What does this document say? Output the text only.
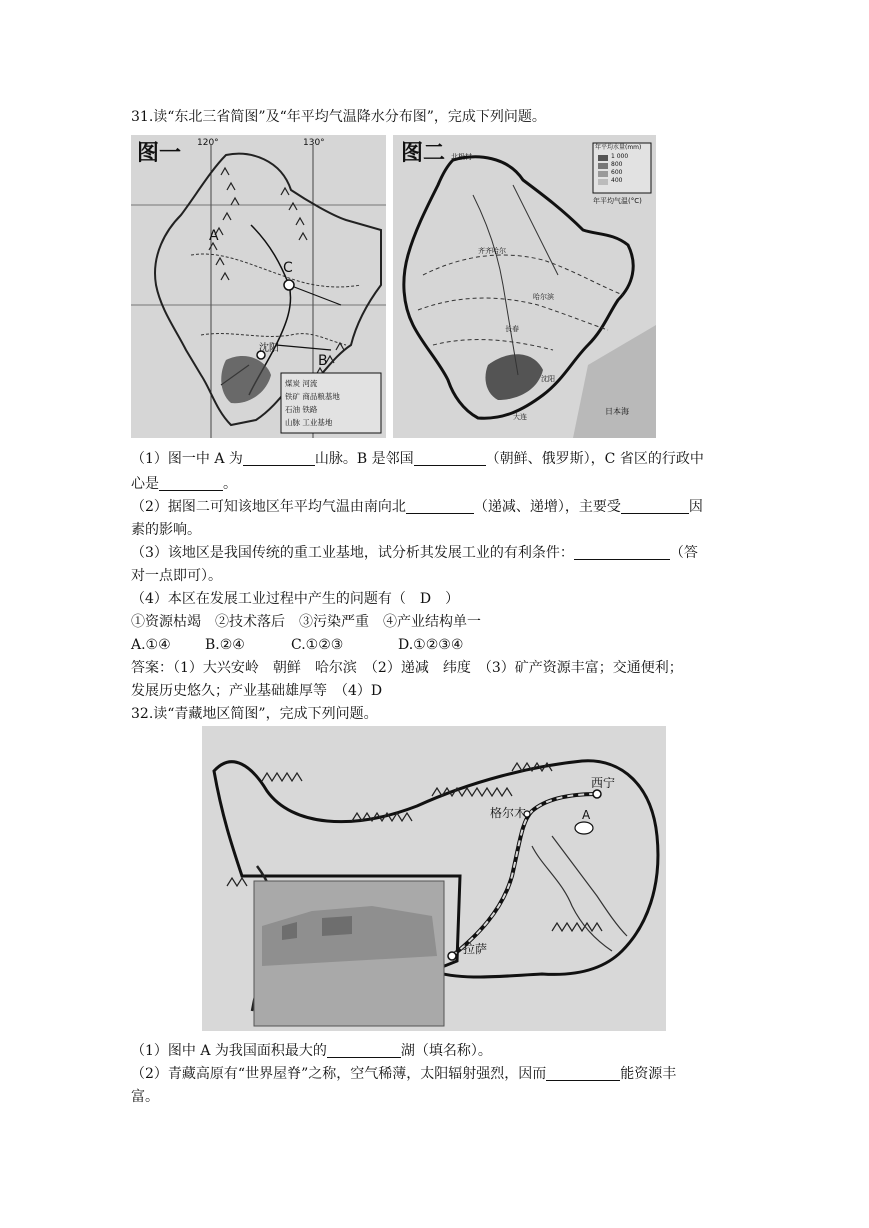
31.读“东北三省简图”及“年平均气温降水分布图”，完成下列问题。
图一 120°	130°
A
C
B
沈阳
煤炭 河流
铁矿 商品粮基地
石油 铁路
山脉 工业基地
图二	年平均水量(mm)
1 000
800
600
400
年平均气温(°C)
北极村
齐齐哈尔
哈尔滨
长春
沈阳
大连
日本海
（1）图一中 A 为	山脉。B 是邻国	（朝鲜、俄罗斯），C 省区的行政中
心是	。
（2）据图二可知该地区年平均气温由南向北	（递减、递增），主要受	因
素的影响。
（3）该地区是我国传统的重工业基地，试分析其发展工业的有利条件：	（答
对一点即可）。
（4）本区在发展工业过程中产生的问题有（　D　）
①资源枯竭　②技术落后　③污染严重　④产业结构单一
A.①④ B.②④	C.①②③	D.①②③④
答案：（1）大兴安岭　朝鲜　哈尔滨　（2）递减　纬度　（3）矿产资源丰富；交通便利；
发展历史悠久；产业基础雄厚等　（4）D
32.读“青藏地区简图”，完成下列问题。
格尔木
西宁
拉萨
A
（1）图中 A 为我国面积最大的	湖（填名称）。
（2）青藏高原有“世界屋脊”之称，空气稀薄，太阳辐射强烈，因而	能资源丰
富。
